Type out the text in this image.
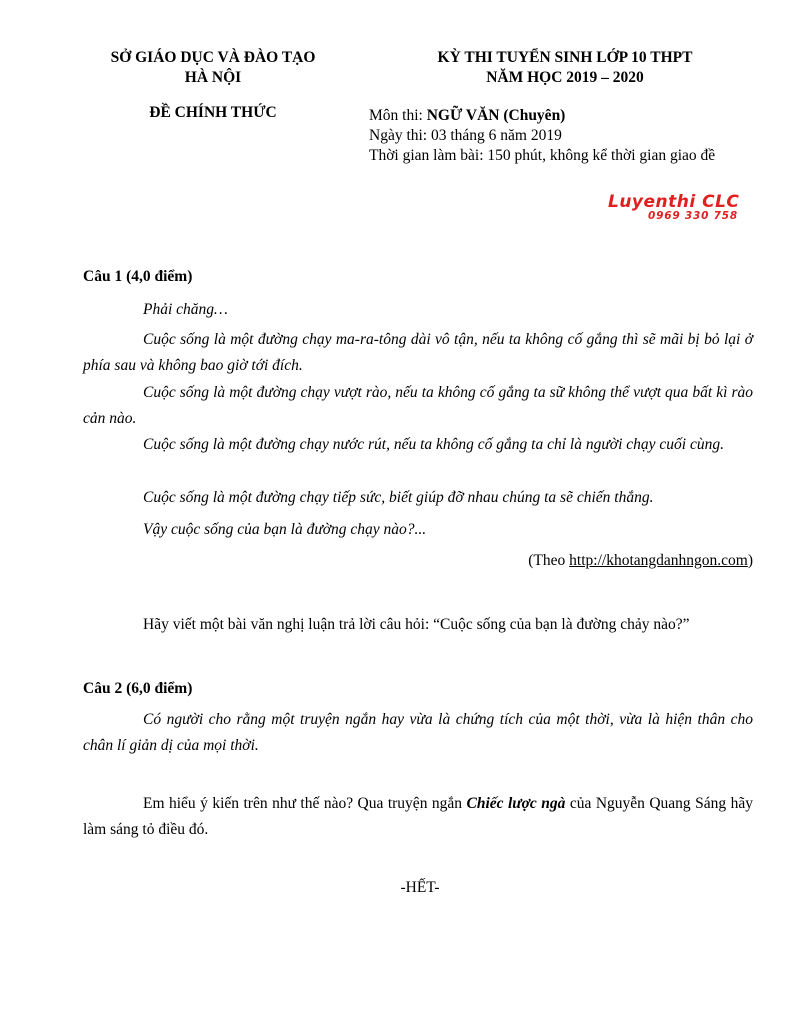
SỞ GIÁO DỤC VÀ ĐÀO TẠO
HÀ NỘI
ĐỀ CHÍNH THỨC
KỲ THI TUYỂN SINH LỚP 10 THPT
NĂM HỌC 2019 – 2020
Môn thi: NGỮ VĂN (Chuyên)
Ngày thi: 03 tháng 6 năm 2019
Thời gian làm bài: 150 phút, không kể thời gian giao đề
Luyenthi CLC
0969 330 758
Câu 1 (4,0 điểm)
Phải chăng…
Cuộc sống là một đường chạy ma-ra-tông dài vô tận, nếu ta không cố gắng thì sẽ mãi bị bỏ lại ở phía sau và không bao giờ tới đích.
Cuộc sống là một đường chạy vượt rào, nếu ta không cố gắng ta sữ không thể vượt qua bất kì rào cản nào.
Cuộc sống là một đường chạy nước rút, nếu ta không cố gắng ta chỉ là người chạy cuối cùng.
Cuộc sống là một đường chạy tiếp sức, biết giúp đỡ nhau chúng ta sẽ chiến thắng.
Vậy cuộc sống của bạn là đường chạy nào?...
(Theo http://khotangdanhngon.com)
Hãy viết một bài văn nghị luận trả lời câu hỏi: “Cuộc sống của bạn là đường chảy nào?”
Câu 2 (6,0 điểm)
Có người cho rằng một truyện ngắn hay vừa là chứng tích của một thời, vừa là hiện thân cho chân lí giản dị của mọi thời.
Em hiểu ý kiến trên như thế nào? Qua truyện ngắn Chiếc lược ngà của Nguyễn Quang Sáng hãy làm sáng tỏ điều đó.
-HẾT-
